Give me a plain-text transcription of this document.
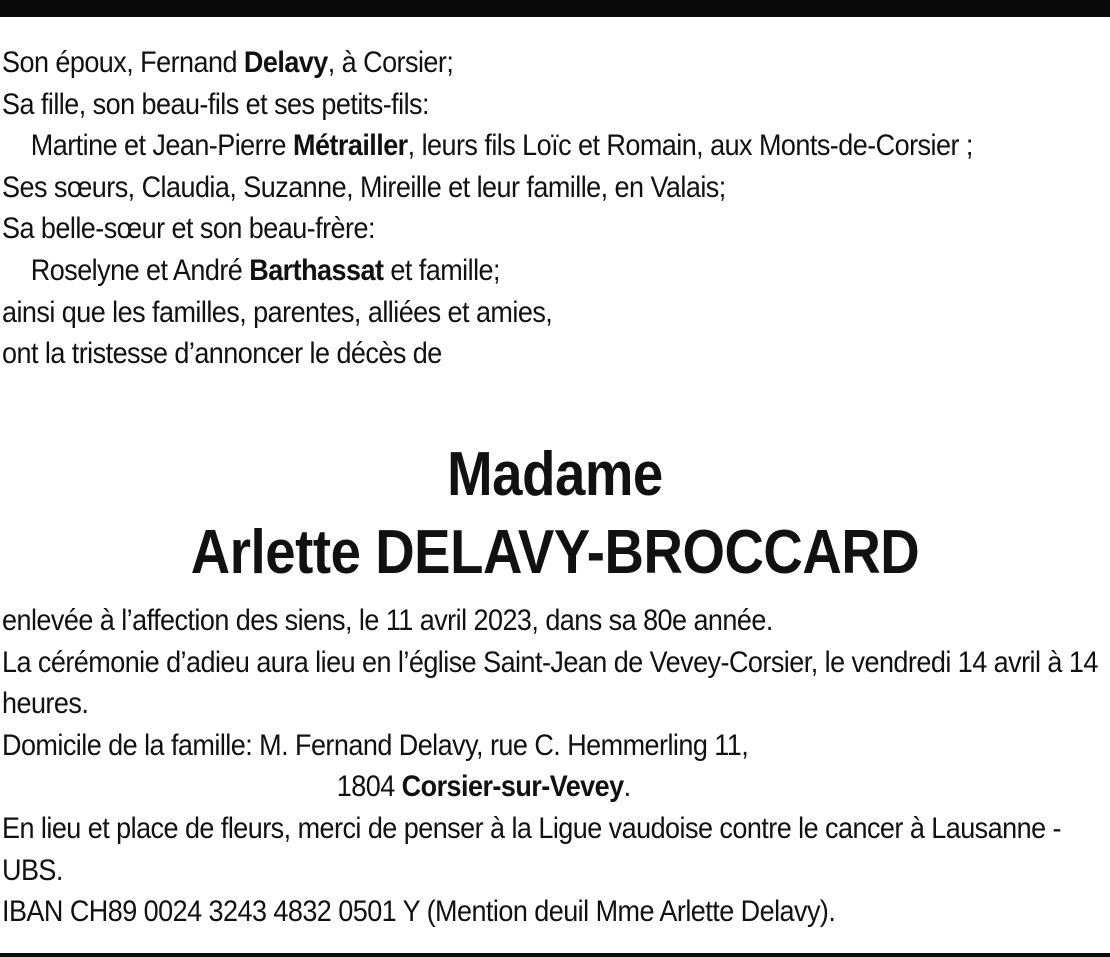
Son époux, Fernand Delavy, à Corsier;

Sa fille, son beau-fils et ses petits-fils:

Martine et Jean-Pierre Métrailler, leurs fils Loïc et Romain, aux Monts-de-Corsier ;

Ses sœurs, Claudia, Suzanne, Mireille et leur famille, en Valais;

Sa belle-sœur et son beau-frère:

Roselyne et André Barthassat et famille;

ainsi que les familles, parentes, alliées et amies,

ont la tristesse d’annoncer le décès de

Madame
Arlette DELAVY-BROCCARD

enlevée à l’affection des siens, le 11 avril 2023, dans sa 80e année.

La cérémonie d’adieu aura lieu en l’église Saint-Jean de Vevey-Corsier, le vendredi 14 avril à 14 heures.

Domicile de la famille: M. Fernand Delavy, rue C. Hemmerling 11,

1804 Corsier-sur-Vevey.

En lieu et place de fleurs, merci de penser à la Ligue vaudoise contre le cancer à Lausanne - UBS.

IBAN CH89 0024 3243 4832 0501 Y (Mention deuil Mme Arlette Delavy).
